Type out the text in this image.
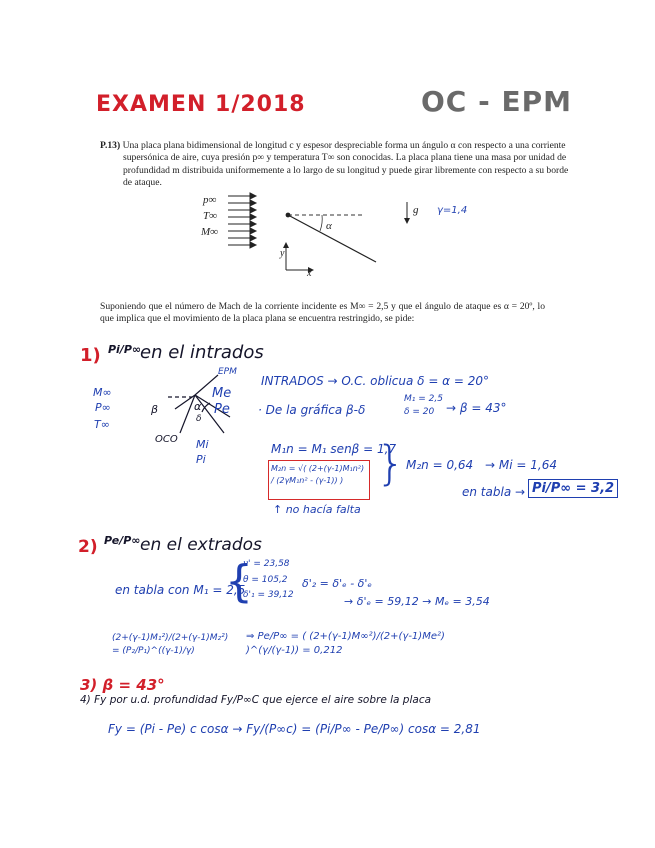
EXAMEN 1/2018	OC - EPM
P.13) Una placa plana bidimensional de longitud c y espesor despreciable forma un ángulo α con respecto a una corriente supersónica de aire, cuya presión p∞ y temperatura T∞ son conocidas. La placa plana tiene una masa por unidad de profundidad m distribuida uniformemente a lo largo de su longitud y puede girar libremente con respecto a su borde de ataque.
p∞
T∞
M∞	α
g γ=1,4
y
x
Suponiendo que el número de Mach de la corriente incidente es M∞ = 2,5 y que el ángulo de ataque es α = 20º, lo que implica que el movimiento de la placa plana se encuentra restringido, se pide:
1) Pi/P∞
en el intrados
EPM
M∞
P∞
T∞
β	α
δ
Me
Pe
Mi
Pi
OCO
INTRADOS → O.C. oblicua δ = α = 20°
· De la gráfica β-δ
M₁ = 2,5
δ = 20 → β = 43°
M₁n = M₁ senβ = 1,7
M₂n = √( (2+(γ-1)M₁n²) / (2γM₁n² - (γ-1)) ) } M₂n = 0,64 → Mi = 1,64
en tabla → Pi/P∞ = 3,2
↑ no hacía falta
2) Pe/P∞ en el extrados
en tabla con M₁ = 2,5
{
ν' = 23,58
θ = 105,2
δ'₁ = 39,12
δ'₂ = δ'ₑ - δ'ₑ
→ δ'ₑ = 59,12 → Mₑ = 3,54
(2+(γ-1)M₁²)/(2+(γ-1)M₂²) = (P₂/P₁)^((γ-1)/γ)
⇒ Pe/P∞ = ( (2+(γ-1)M∞²)/(2+(γ-1)Me²) )^(γ/(γ-1)) = 0,212
3) β = 43°
4) Fy por u.d. profundidad Fy/P∞C que ejerce el aire sobre la placa
Fy = (Pi - Pe) c cosα → Fy/(P∞c) = (Pi/P∞ - Pe/P∞) cosα = 2,81
